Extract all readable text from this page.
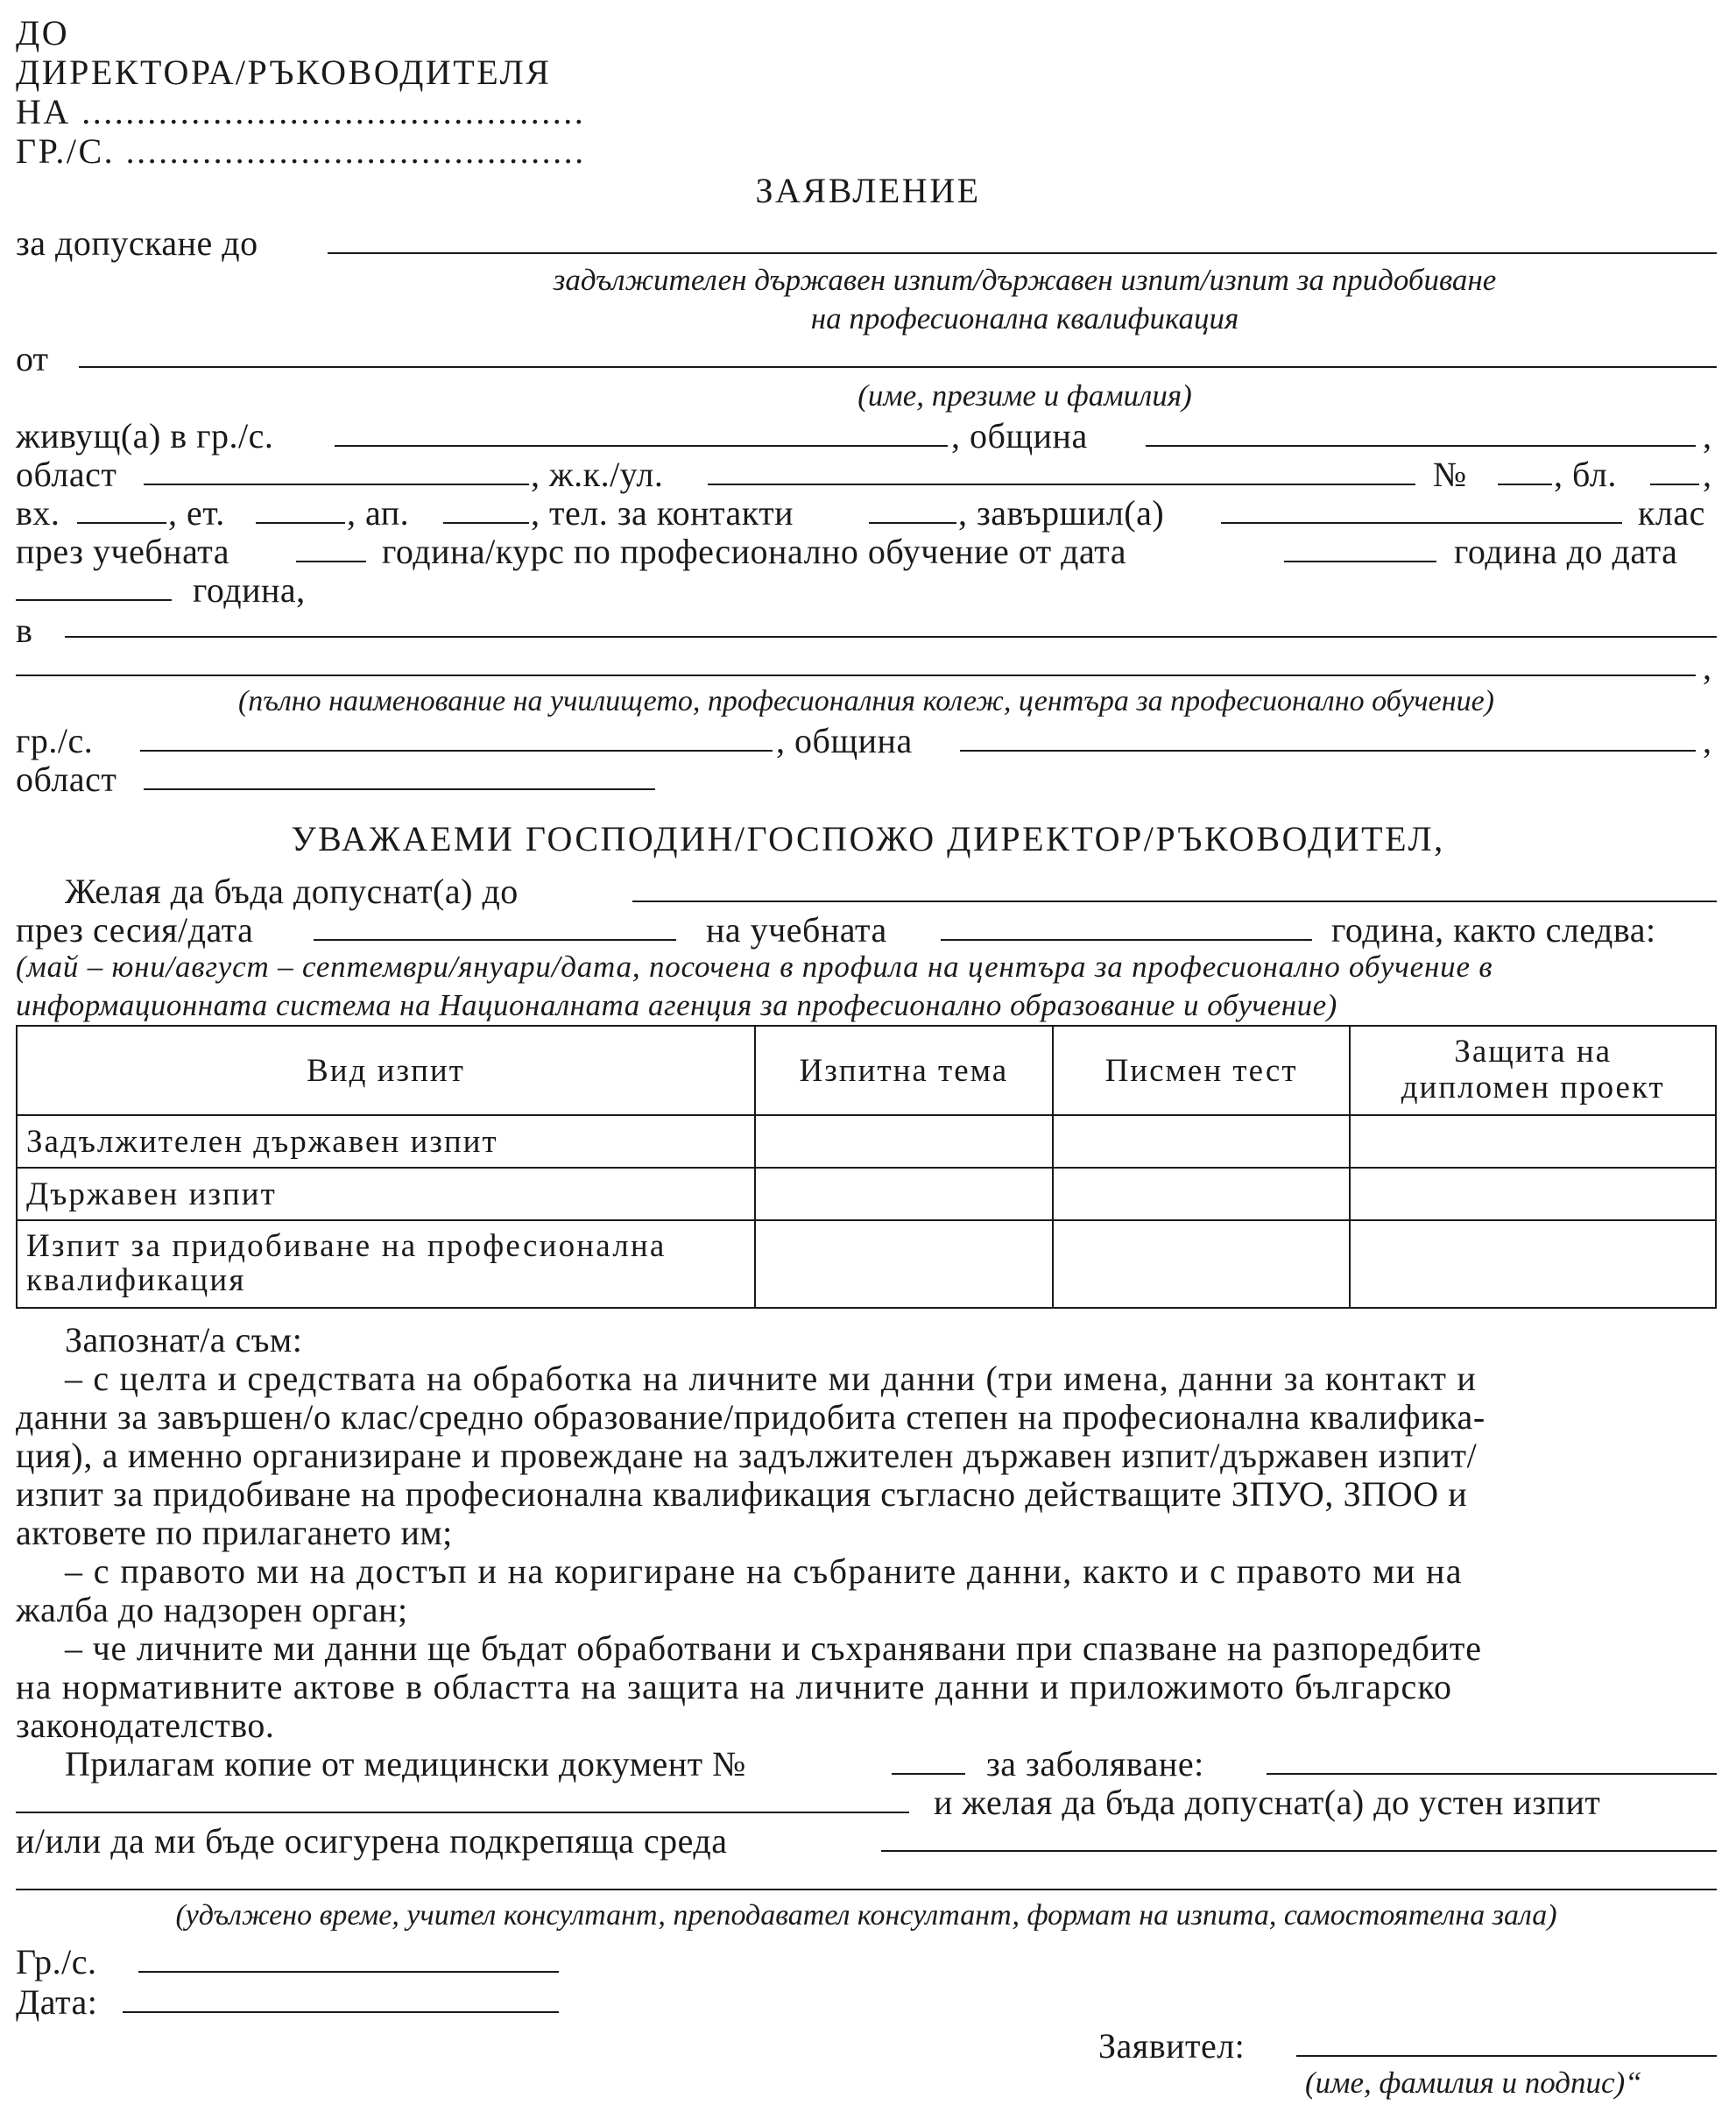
ДО
ДИРЕКТОРА/РЪКОВОДИТЕЛЯ
НА ..............................................
ГР./С. ..........................................
ЗАЯВЛЕНИЕ
за допускане до
задължителен държавен изпит/държавен изпит/изпит за придобиване
на професионална квалификация
от
(име, презиме и фамилия)
живущ(а) в гр./с.	, община	,
област	, ж.к./ул.	№ , бл. ,
вх.	, ет.	, ап.	, тел. за контакти	, завършил(а)	клас
през учебната	година/курс по професионално обучение от дата	година до дата
година,
в
,
(пълно наименование на училището, професионалния колеж, центъра за професионално обучение)
гр./с.	, община	,
област
УВАЖАЕМИ ГОСПОДИН/ГОСПОЖО ДИРЕКТОР/РЪКОВОДИТЕЛ,
Желая да бъда допуснат(а) до
през сесия/дата	на учебната	година, както следва:
(май – юни/август – септември/януари/дата, посочена в профила на центъра за професионално обучение в
информационната система на Националната агенция за професионално образование и обучение)
Вид изпит	Изпитна тема	Писмен тест	Защита на
дипломен проект

Задължителен държавен изпит			
Държавен изпит			

Изпит за придобиване на професионална
квалификация			

Запознат/а съм:
– с целта и средствата на обработка на личните ми данни (три имена, данни за контакт и
данни за завършен/о клас/средно образование/придобита степен на професионална квалифика-
ция), а именно организиране и провеждане на задължителен държавен изпит/държавен изпит/
изпит за придобиване на професионална квалификация съгласно действащите ЗПУО, ЗПОО и
актовете по прилагането им;
– с правото ми на достъп и на коригиране на събраните данни, както и с правото ми на
жалба до надзорен орган;
– че личните ми данни ще бъдат обработвани и съхранявани при спазване на разпоредбите
на нормативните актове в областта на защита на личните данни и приложимото българско
законодателство.
Прилагам копие от медицински документ №	за заболяване:
и желая да бъда допуснат(а) до устен изпит
и/или да ми бъде осигурена подкрепяща среда
(удължено време, учител консултант, преподавател консултант, формат на изпита, самостоятелна зала)
Гр./с.
Дата:
Заявител:
(име, фамилия и подпис)“
